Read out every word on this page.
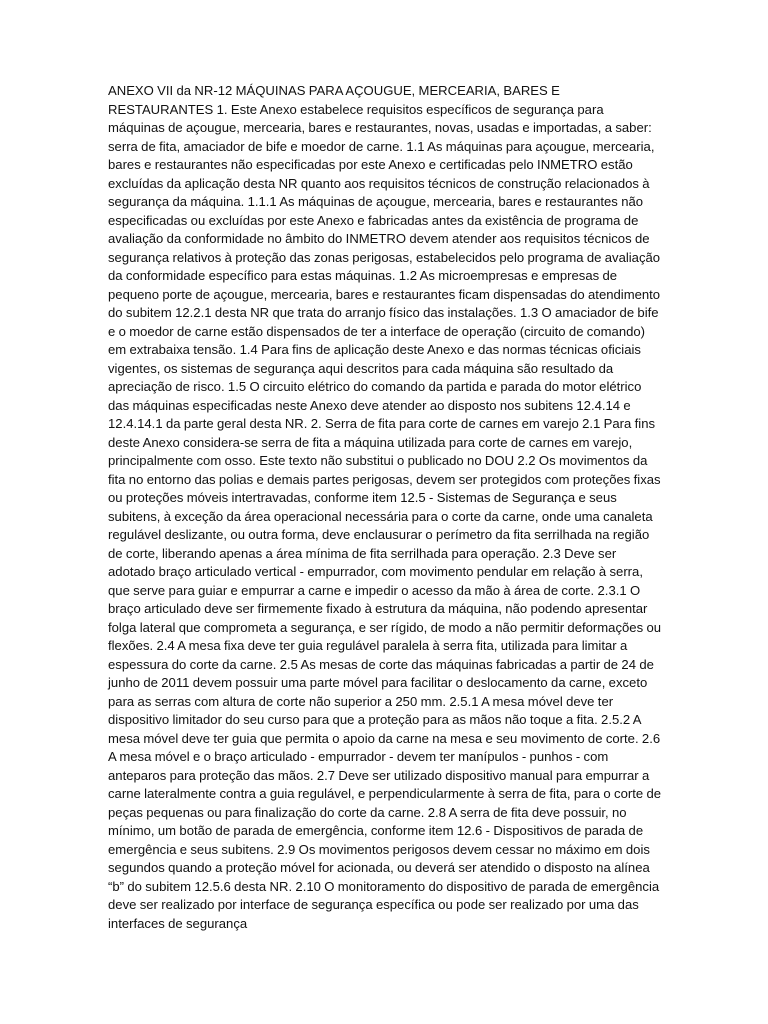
ANEXO VII da NR-12 MÁQUINAS PARA AÇOUGUE, MERCEARIA, BARES E RESTAURANTES 1. Este Anexo estabelece requisitos específicos de segurança para máquinas de açougue, mercearia, bares e restaurantes, novas, usadas e importadas, a saber: serra de fita, amaciador de bife e moedor de carne. 1.1 As máquinas para açougue, mercearia, bares e restaurantes não especificadas por este Anexo e certificadas pelo INMETRO estão excluídas da aplicação desta NR quanto aos requisitos técnicos de construção relacionados à segurança da máquina. 1.1.1 As máquinas de açougue, mercearia, bares e restaurantes não especificadas ou excluídas por este Anexo e fabricadas antes da existência de programa de avaliação da conformidade no âmbito do INMETRO devem atender aos requisitos técnicos de segurança relativos à proteção das zonas perigosas, estabelecidos pelo programa de avaliação da conformidade específico para estas máquinas. 1.2 As microempresas e empresas de pequeno porte de açougue, mercearia, bares e restaurantes ficam dispensadas do atendimento do subitem 12.2.1 desta NR que trata do arranjo físico das instalações. 1.3 O amaciador de bife e o moedor de carne estão dispensados de ter a interface de operação (circuito de comando) em extrabaixa tensão. 1.4 Para fins de aplicação deste Anexo e das normas técnicas oficiais vigentes, os sistemas de segurança aqui descritos para cada máquina são resultado da apreciação de risco. 1.5 O circuito elétrico do comando da partida e parada do motor elétrico das máquinas especificadas neste Anexo deve atender ao disposto nos subitens 12.4.14 e 12.4.14.1 da parte geral desta NR. 2. Serra de fita para corte de carnes em varejo 2.1 Para fins deste Anexo considera-se serra de fita a máquina utilizada para corte de carnes em varejo, principalmente com osso. Este texto não substitui o publicado no DOU 2.2 Os movimentos da fita no entorno das polias e demais partes perigosas, devem ser protegidos com proteções fixas ou proteções móveis intertravadas, conforme item 12.5 - Sistemas de Segurança e seus subitens, à exceção da área operacional necessária para o corte da carne, onde uma canaleta regulável deslizante, ou outra forma, deve enclausurar o perímetro da fita serrilhada na região de corte, liberando apenas a área mínima de fita serrilhada para operação. 2.3 Deve ser adotado braço articulado vertical - empurrador, com movimento pendular em relação à serra, que serve para guiar e empurrar a carne e impedir o acesso da mão à área de corte. 2.3.1 O braço articulado deve ser firmemente fixado à estrutura da máquina, não podendo apresentar folga lateral que comprometa a segurança, e ser rígido, de modo a não permitir deformações ou flexões. 2.4 A mesa fixa deve ter guia regulável paralela à serra fita, utilizada para limitar a espessura do corte da carne. 2.5 As mesas de corte das máquinas fabricadas a partir de 24 de junho de 2011 devem possuir uma parte móvel para facilitar o deslocamento da carne, exceto para as serras com altura de corte não superior a 250 mm. 2.5.1 A mesa móvel deve ter dispositivo limitador do seu curso para que a proteção para as mãos não toque a fita. 2.5.2 A mesa móvel deve ter guia que permita o apoio da carne na mesa e seu movimento de corte. 2.6 A mesa móvel e o braço articulado - empurrador - devem ter manípulos - punhos - com anteparos para proteção das mãos. 2.7 Deve ser utilizado dispositivo manual para empurrar a carne lateralmente contra a guia regulável, e perpendicularmente à serra de fita, para o corte de peças pequenas ou para finalização do corte da carne. 2.8 A serra de fita deve possuir, no mínimo, um botão de parada de emergência, conforme item 12.6 - Dispositivos de parada de emergência e seus subitens. 2.9 Os movimentos perigosos devem cessar no máximo em dois segundos quando a proteção móvel for acionada, ou deverá ser atendido o disposto na alínea “b” do subitem 12.5.6 desta NR. 2.10 O monitoramento do dispositivo de parada de emergência deve ser realizado por interface de segurança específica ou pode ser realizado por uma das interfaces de segurança
